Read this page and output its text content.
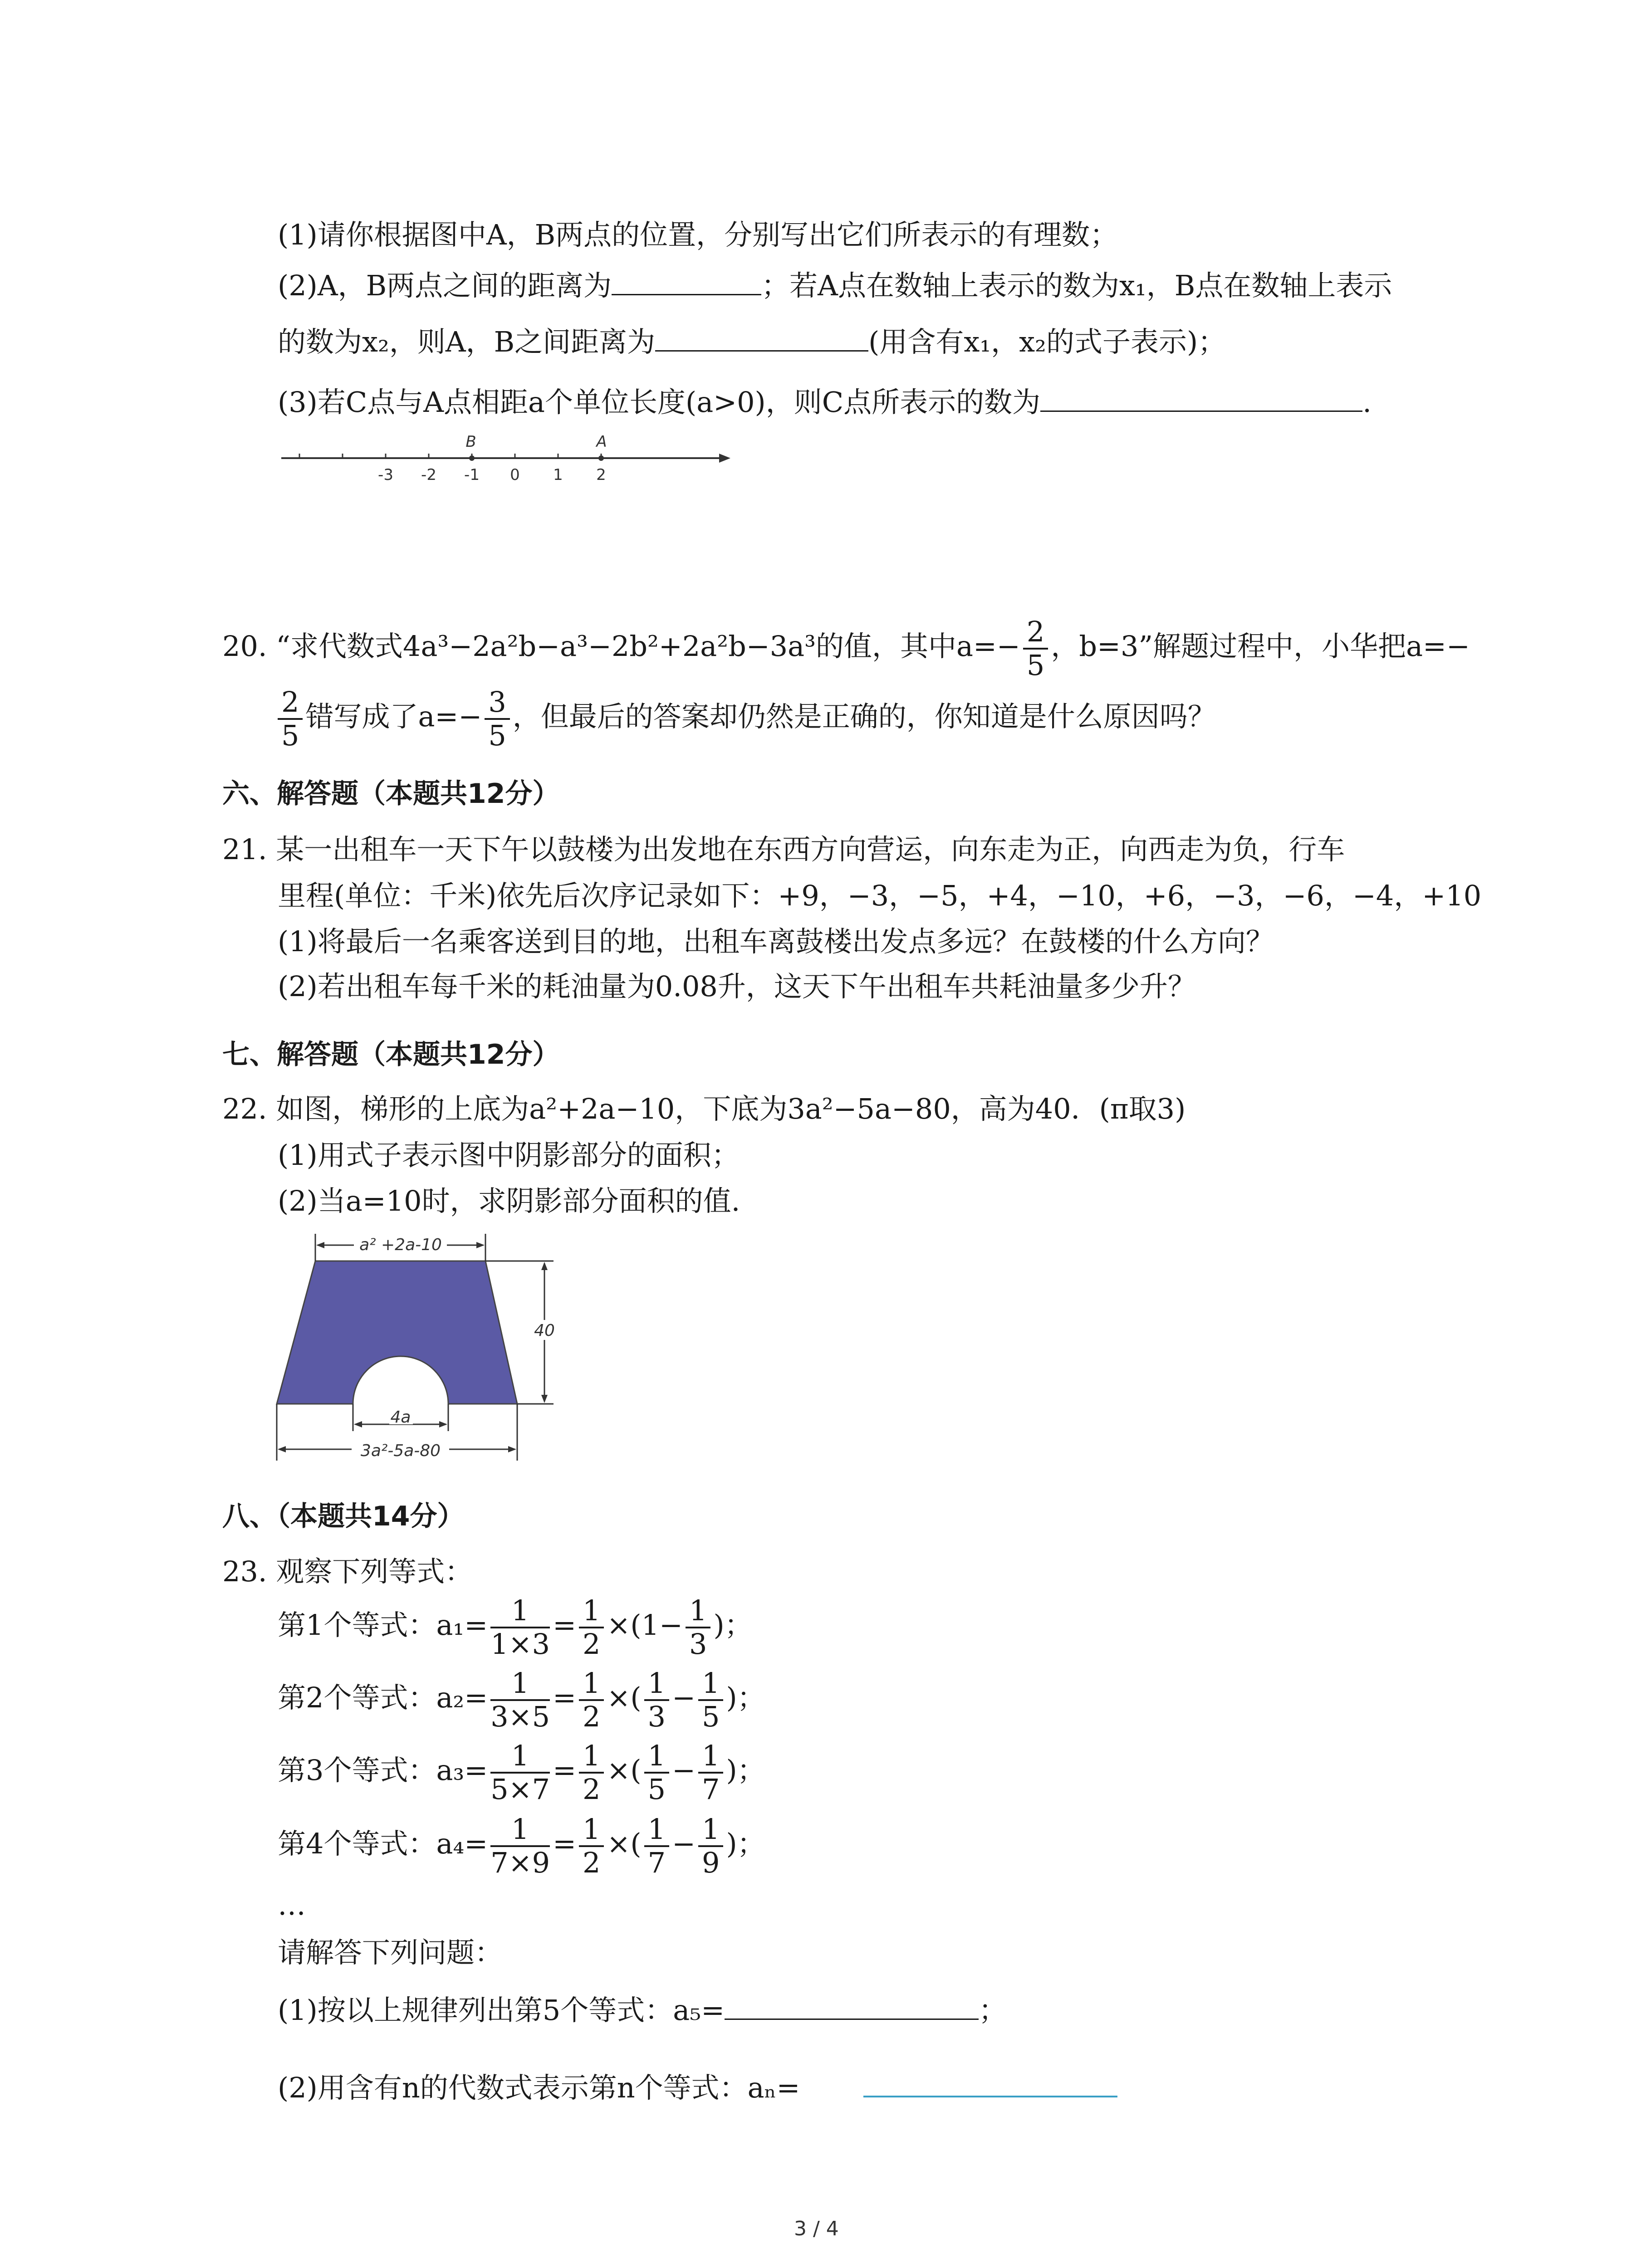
(1)请你根据图中A，B两点的位置，分别写出它们所表示的有理数；
(2)A，B两点之间的距离为	；若A点在数轴上表示的数为x₁，B点在数轴上表示
的数为x₂，则A，B之间距离为	(用含有x₁，x₂的式子表示)；
(3)若C点与A点相距a个单位长度(a>0)，则C点所表示的数为	.
-3 -2 -1 0 1 2
B	A
20. “求代数式4a³−2a²b−a³−2b²+2a²b−3a³的值，其中$a=- \frac{2}{5}$ ，b=3”解题过程中，小华把a=−
$\frac{2}{5}$ 错写成了$a=- \frac{3}{5}$ ，但最后的答案却仍然是正确的，你知道是什么原因吗？
六、解答题（本题共12分）
21. 某一出租车一天下午以鼓楼为出发地在东西方向营运，向东走为正，向西走为负，行车
里程(单位：千米)依先后次序记录如下：+9，−3，−5，+4，−10，+6，−3，−6，−4，+10
(1)将最后一名乘客送到目的地，出租车离鼓楼出发点多远？在鼓楼的什么方向？
(2)若出租车每千米的耗油量为0.08升，这天下午出租车共耗油量多少升？
七、解答题（本题共12分）
22. 如图，梯形的上底为a²+2a−10，下底为3a²−5a−80，高为40．(π取3)
(1)用式子表示图中阴影部分的面积；
(2)当a=10时，求阴影部分面积的值.
a² +2a-10
40
4a
3a²-5a-80
八、（本题共14分）
23. 观察下列等式：
第1个等式：$a_1= \frac{1}{1\times 3} = \frac{1}{2} \times(1- \frac{1}{3}$ )；
第2个等式：$a_2= \frac{1}{3\times 5} = \frac{1}{2}$ ×( $\frac{1}{3} - \frac{1}{5}$ )；
第3个等式：$a_3= \frac{1}{5\times 7} = \frac{1}{2}$ ×( $\frac{1}{5} - \frac{1}{7}$ )；
第4个等式：$a_4= \frac{1}{7\times 9} = \frac{1}{2}$ ×( $\frac{1}{7} - \frac{1}{9}$ )；
…
请解答下列问题：
(1)按以上规律列出第5个等式：a₅=	；
(2)用含有n的代数式表示第n个等式：aₙ=
3 / 4
